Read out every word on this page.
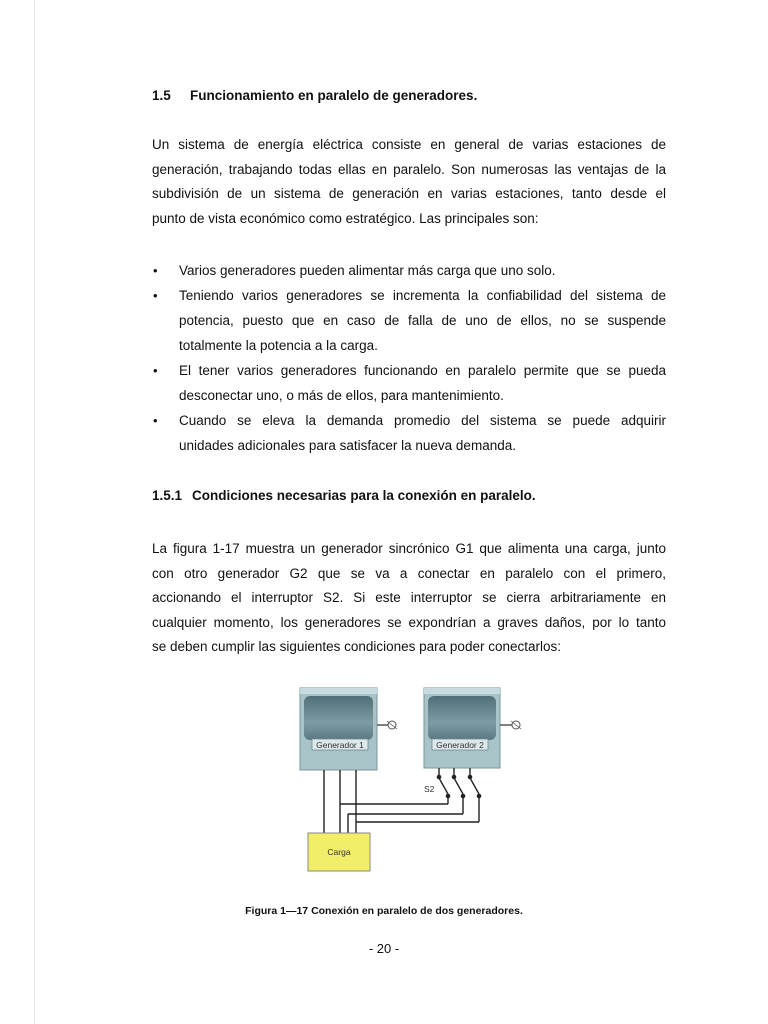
1.5 Funcionamiento en paralelo de generadores.

Un sistema de energía eléctrica consiste en general de varias estaciones de
generación, trabajando todas ellas en paralelo. Son numerosas las ventajas de la
subdivisión de un sistema de generación en varias estaciones, tanto desde el
punto de vista económico como estratégico. Las principales son:

• Varios generadores pueden alimentar más carga que uno solo.
• Teniendo varios generadores se incrementa la confiabilidad del sistema de
potencia, puesto que en caso de falla de uno de ellos, no se suspende
totalmente la potencia a la carga.
• El tener varios generadores funcionando en paralelo permite que se pueda
desconectar uno, o más de ellos, para mantenimiento.
• Cuando se eleva la demanda promedio del sistema se puede adquirir
unidades adicionales para satisfacer la nueva demanda.
1.5.1 Condiciones necesarias para la conexión en paralelo.

La figura 1-17 muestra un generador sincrónico G1 que alimenta una carga, junto
con otro generador G2 que se va a conectar en paralelo con el primero,
accionando el interruptor S2. Si este interruptor se cierra arbitrariamente en
cualquier momento, los generadores se expondrían a graves daños, por lo tanto
se deben cumplir las siguientes condiciones para poder conectarlos:

Generador 1	Generador 2
S2
Carga
Figura 1—17 Conexión en paralelo de dos generadores.
- 20 -
